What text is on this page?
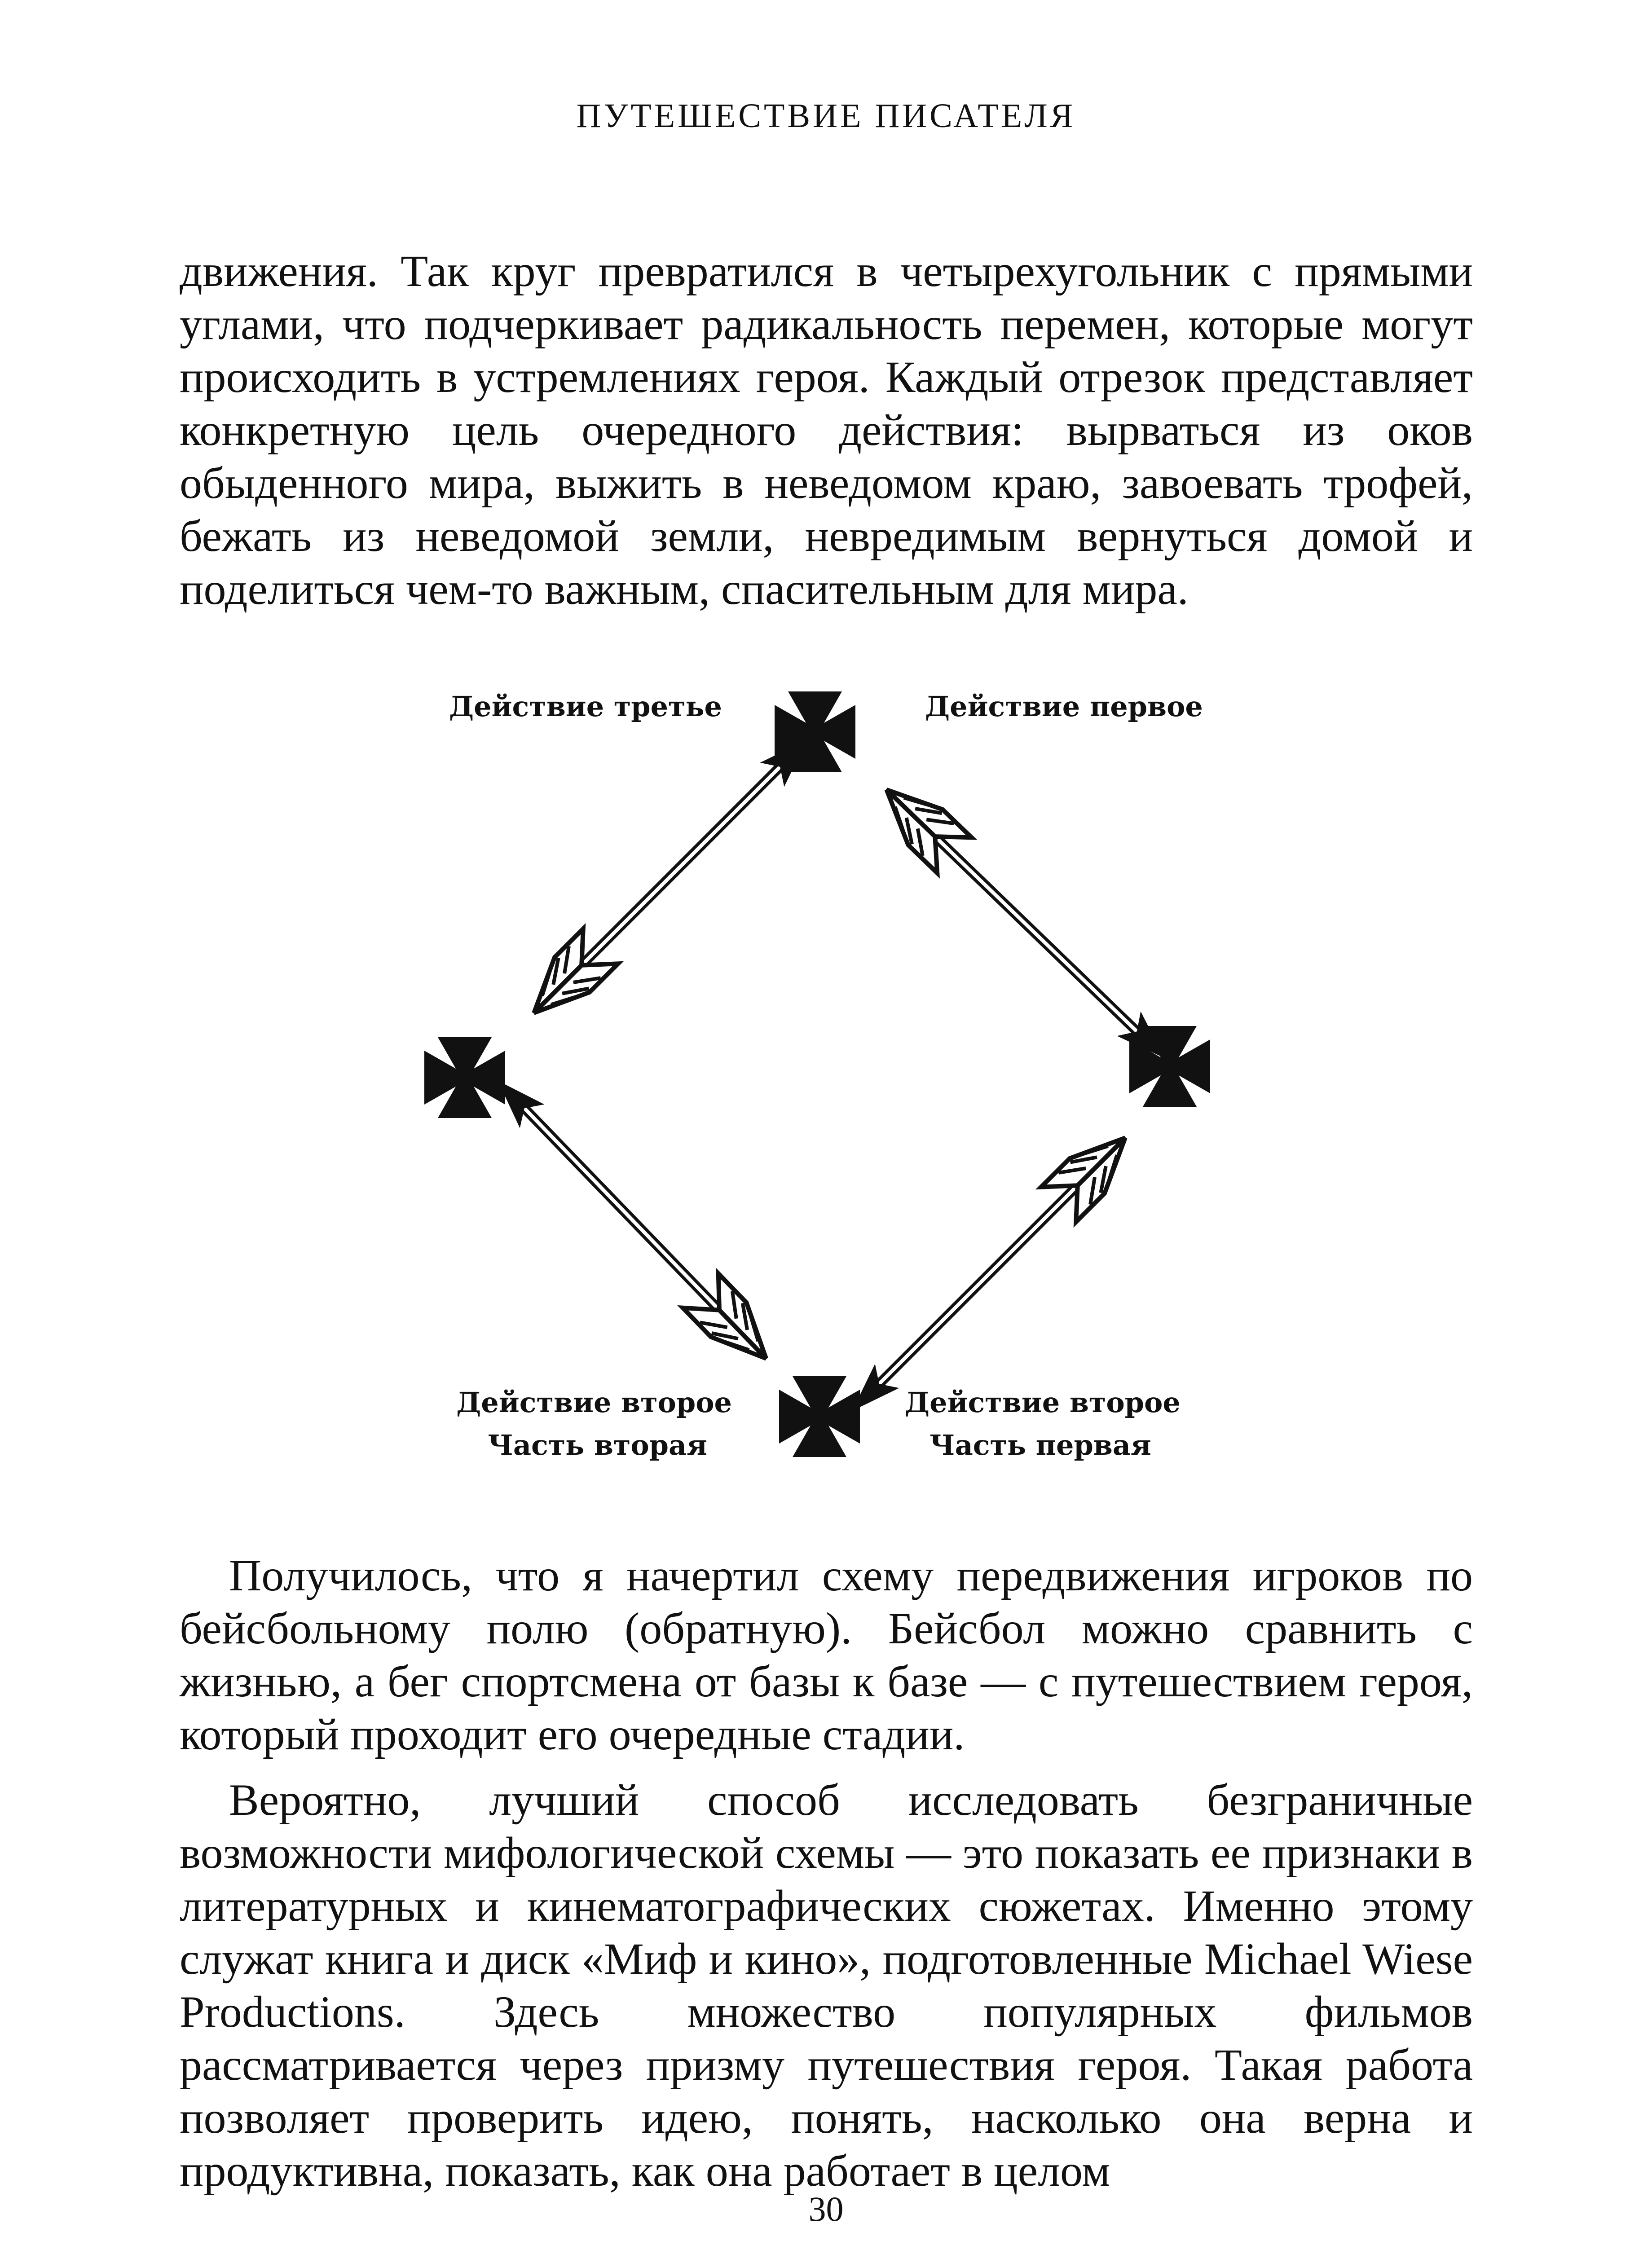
ПУТЕШЕСТВИЕ ПИСАТЕЛЯ

движения. Так круг превратился в четырехугольник с прямыми углами, что подчеркивает радикальность перемен, которые могут происходить в устремлениях героя. Каждый отрезок представляет конкретную цель очередного действия: вырваться из оков обыденного мира, выжить в неведомом краю, завоевать трофей, бежать из неведомой земли, невредимым вернуться домой и поделиться чем-то важным, спасительным для мира.

Действие третье	Действие первое
Действие второе
Часть вторая
Действие второе
Часть первая

Получилось, что я начертил схему передвижения игроков по бейсбольному полю (обратную). Бейсбол можно сравнить с жизнью, а бег спортсмена от базы к базе — с путешествием героя, который проходит его очередные стадии.

Вероятно, лучший способ исследовать безграничные возможности мифологической схемы — это показать ее признаки в литературных и кинематографических сюжетах. Именно этому служат книга и диск «Миф и кино», подготовленные Michael Wiese Productions. Здесь множество популярных фильмов рассматривается через призму путешествия героя. Такая работа позволяет проверить идею, понять, насколько она верна и продуктивна, показать, как она работает в целом

30
